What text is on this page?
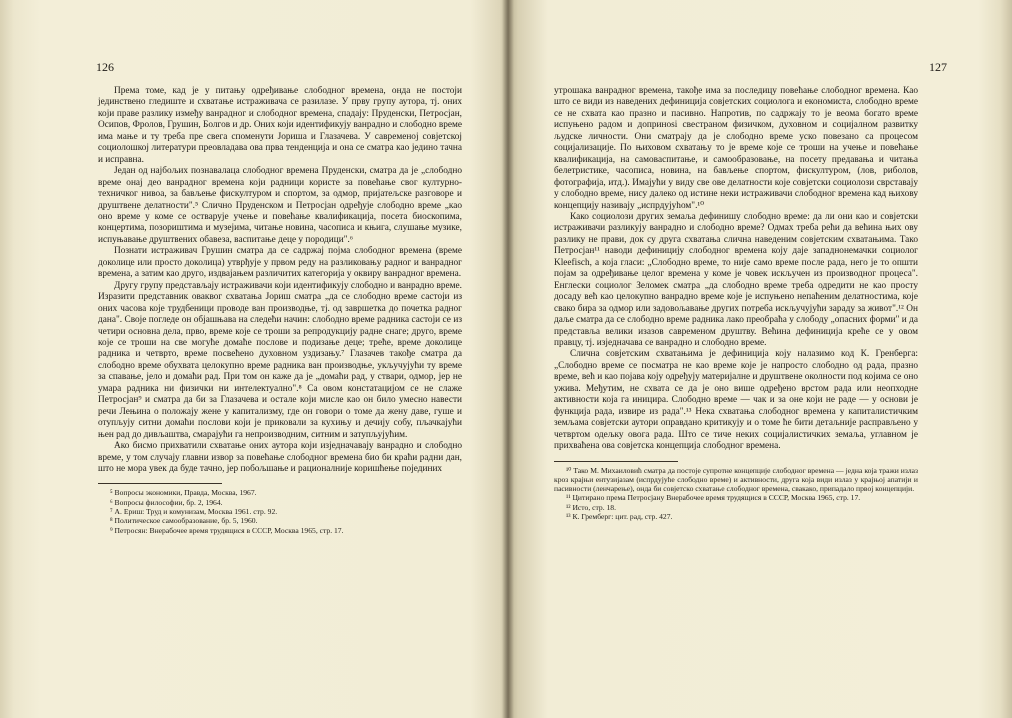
126

Према томе, кад је у питању одређивање слободног времена, онда не постоји јединствено гледиште и схватање истраживача се разилазе. У прву групу аутора, тј. оних који праве разлику између ванрадног и слободног времена, спадају: Пруденски, Петросјан, Осипов, Фролов, Грушин, Болгов и др. Оних који идентификују ванрадно и слободно време има мање и ту треба пре свега споменути Јориша и Глазачева. У савременој совјетској социолошкој литератури преовладава ова прва тенденција и она се сматра као једино тачна и исправна.

Један од најбољих познавалаца слободног времена Пруденски, сматра да је „слободно време онај део ванрадног времена који радници користе за повећање свог културно-техничког нивоа, за бављење фискултуром и спортом, за одмор, пријатељске разговоре и друштвене делатности".⁵ Слично Пруденском и Петросјан одређује слободно време „као оно време у коме се остварује учење и повећање квалификација, посета биоскопима, концертима, позориштима и музејима, читање новина, часописа и књига, слушање музике, испуњавање друштвених обавеза, васпитање деце у породици".⁶

Познати истраживач Грушин сматра да се садржај појма слободног времена (време доколице или просто доколица) утврђује у првом реду на разликовању радног и ванрадног времена, а затим као друго, издвајањем различитих категорија у оквиру ванрадног времена.

Другу групу представљају истраживачи који идентификују слободно и ванрадно време. Изразити представник оваквог схватања Јориш сматра „да се слободно време састоји из оних часова које трудбеници проводе ван производње, тј. од завршетка до почетка радног дана". Своје погледе он објашњава на следећи начин: слободно време радника састоји се из четири основна дела, прво, време које се троши за репродукцију радне снаге; друго, време које се троши на све могуће домаће послове и подизање деце; треће, време доколице радника и четврто, време посвећено духовном уздизању.⁷ Глазачев такође сматра да слободно време обухвата целокупно време радника ван производње, укључујући ту време за спавање, јело и домаћи рад. При том он каже да је „домаћи рад, у ствари, одмор, јер не умара радника ни физички ни интелектуално".⁸ Са овом констатацијом се не слаже Петросјан⁹ и сматра да би за Глазачева и остале који мисле као он било умесно навести речи Лењина о положају жене у капитализму, где он говори о томе да жену даве, гуше и отупљују ситни домаћи послови који је приковали за кухињу и дечију собу, пљачкајући њен рад до дивљаштва, смарајући га непроизводним, ситним и затупљујућим.

Ако бисмо прихватили схватање оних аутора који изједначавају ванрадно и слободно време, у том случају главни извор за повећање слободног времена био би краћи радни дан, што не мора увек да буде тачно, јер побољшање и рационалније коришћење појединих

⁵ Вопросы экономики, Правда, Москва, 1967.

⁶ Вопросы философии, бр. 2, 1964.

⁷ А. Ериш: Труд и комунизам, Москва 1961. стр. 92.

⁸ Политическое самообразование, бр. 5, 1960.

⁹ Петросян: Внерабочее время трудящися в СССР, Москва 1965, стр. 17.

127

утрошака ванрадног времена, такође има за последицу повећање слободног времена. Као што се види из наведених дефиниција совјетских социолога и економиста, слободно време се не схвата као празно и пасивно. Напротив, по садржају то је веома богато време испуњено радом и допринosi свестраном физичком, духовном и социјалном развитку људске личности. Они сматрају да је слободно време уско повезано са процесом социјализације. По њиховом схватању то је време које се троши на учење и повећање квалификација, на самовaспитање, и самообразовање, на посету предавања и читања белетристике, часописа, новина, на бављење спортом, фискултуром, (лов, риболов, фотографија, итд.). Имајући у виду све ове делатности које совјетски социолози сврставају у слободно време, нису далеко од истине неки истраживачи слободног времена кад њихову концепцију називају „испрдуjуhом".¹⁰

Како социолози других земаља дефинишу слободно време: да ли они као и совјетски истраживачи разликују ванрадно и слободно време? Одмах треба рећи да већина њих ову разлику не прави, док су друга схватања слична наведеним совјетским схватањима. Тако Петросјан¹¹ наводи дефиницију слободног времена коју даје западнонемачки социолог Kleefisch, а која гласи: „Слободно време, то није само време после рада, него је то општи појам за одређивање целог времена у коме је човек искључен из производног процеса". Енглески социолог Зеломек сматра „да слободно време треба одредити не као просту досаду већ као целокупно ванрадно време које је испуњено непаћеним делатностима, које свако бира за одмор или задовољавање других потреба искључујући зараду за живот".¹² Он даље сматра да се слободно време радника лако преобраћа у слободу „опасних форми" и да представља велики изазов савременом друштву. Већина дефиниција креће се у овом правцу, тј. изједначава се ванрадно и слободно време.

Слична совјетским схватањима је дефиниција коју налазимо код К. Гренберга: „Слободно време се посматра не као време које је напросто слободно од рада, празно време, већ и као појава коју одређују материјалне и друштвене околности под којима се оно ужива. Међутим, не схвата се да је оно више одређено врстом рада или неопходне активности која га иницира. Слободно време — чак и за оне који не раде — у основи је функција рада, извире из рада".¹³ Нека схватања слободног времена у капиталистичким земљама совјетски аутори оправдано критикују и о томе ће бити детаљније расправљено у четвртом одељку овога рада. Што се тиче неких социјалистичких земаља, углавном је прихваћена ова совјетска концепција слободног времена.

¹⁰ Тако М. Михаиловић сматра да постоје супротне концепције слободног времена — једна која тражи излаз кроз крајњи ентузијазам (испрдуjуhе слободно време) и активности, друга која види излаз у крајњој апатији и пасивности (ленчарење), онда би совјетско схватање слободног времена, свакако, припадало првој концепцији.

¹¹ Цитирано према Петросјану Внерабочее время трудящися в СССР, Москва 1965, стр. 17.

¹² Исто, стр. 18.

¹³ К. Гремберг: цит. рад, стр. 427.
